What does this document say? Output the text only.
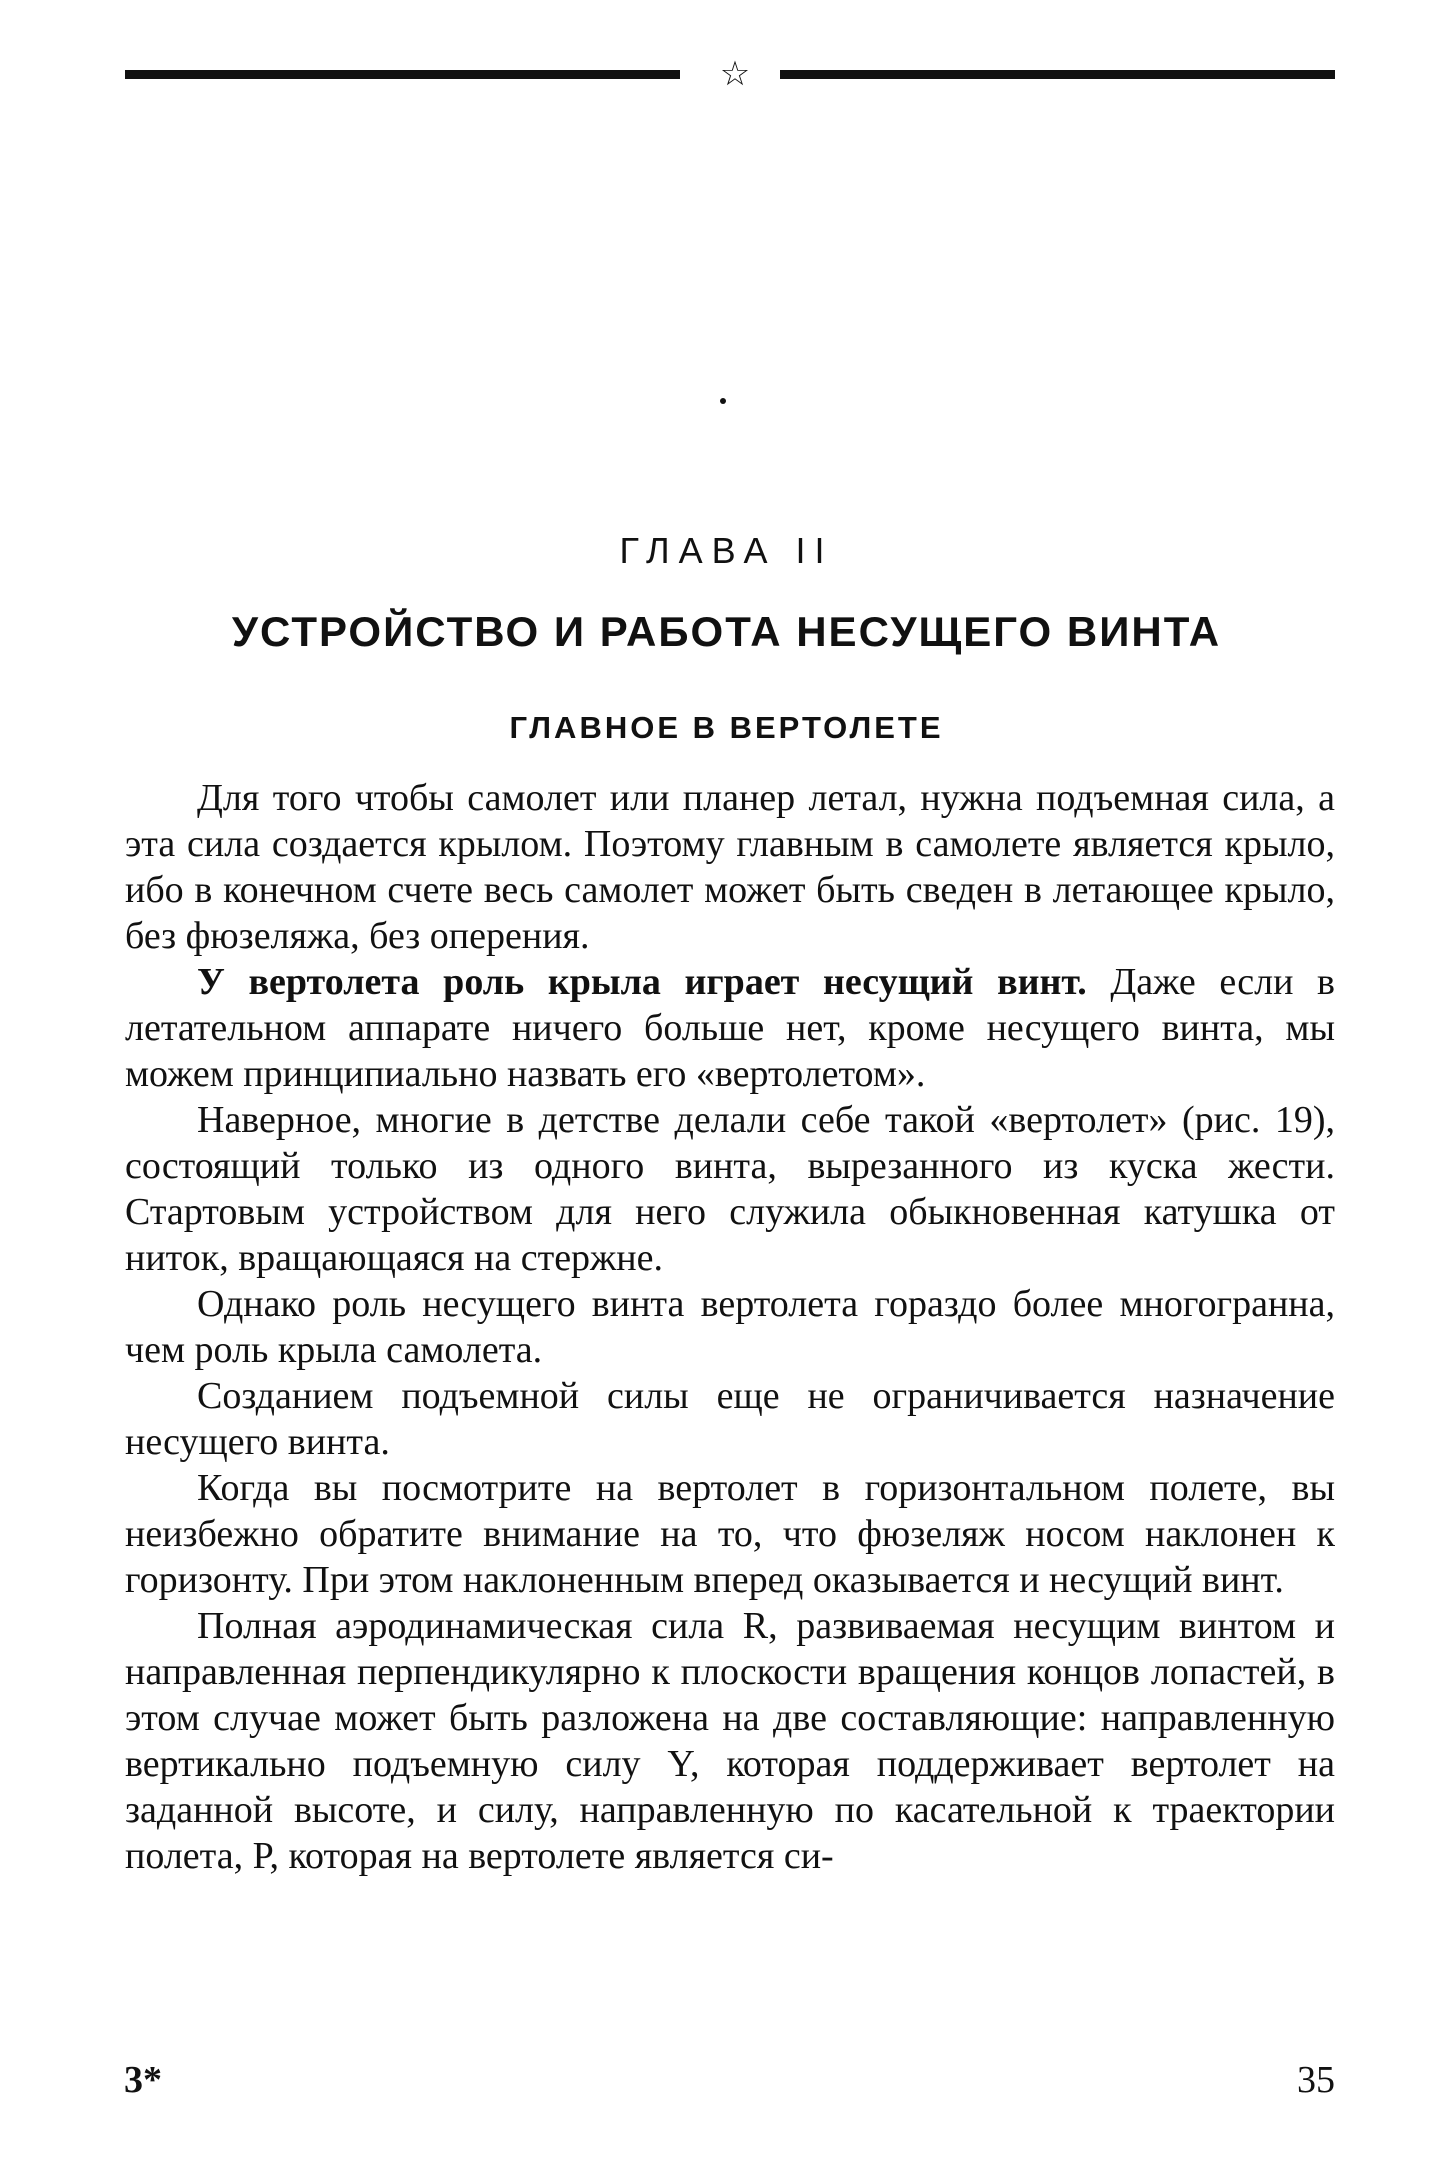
☆
ГЛАВА II
УСТРОЙСТВО И РАБОТА НЕСУЩЕГО ВИНТА
ГЛАВНОЕ В ВЕРТОЛЕТЕ

Для того чтобы самолет или планер летал, нужна подъемная сила, а эта сила создается крылом. Поэтому главным в самолете является крыло, ибо в конечном счете весь самолет может быть сведен в летающее крыло, без фюзеляжа, без оперения.

У вертолета роль крыла играет несущий винт. Даже если в летательном аппарате ничего больше нет, кроме несущего винта, мы можем принципиально назвать его «вертолетом».

Наверное, многие в детстве делали себе такой «вертолет» (рис. 19), состоящий только из одного винта, вырезанного из куска жести. Стартовым устройством для него служила обыкновенная катушка от ниток, вращающаяся на стержне.

Однако роль несущего винта вертолета гораздо более многогранна, чем роль крыла самолета.

Созданием подъемной силы еще не ограничивается назначение несущего винта.

Когда вы посмотрите на вертолет в горизонтальном полете, вы неизбежно обратите внимание на то, что фюзеляж носом наклонен к горизонту. При этом наклоненным вперед оказывается и несущий винт.

Полная аэродинамическая сила R, развиваемая несущим винтом и направленная перпендикулярно к плоскости вращения концов лопастей, в этом случае может быть разложена на две составляющие: направленную вертикально подъемную силу Y, которая поддерживает вертолет на заданной высоте, и силу, направленную по касательной к траектории полета, P, которая на вертолете является си-

3*	35
